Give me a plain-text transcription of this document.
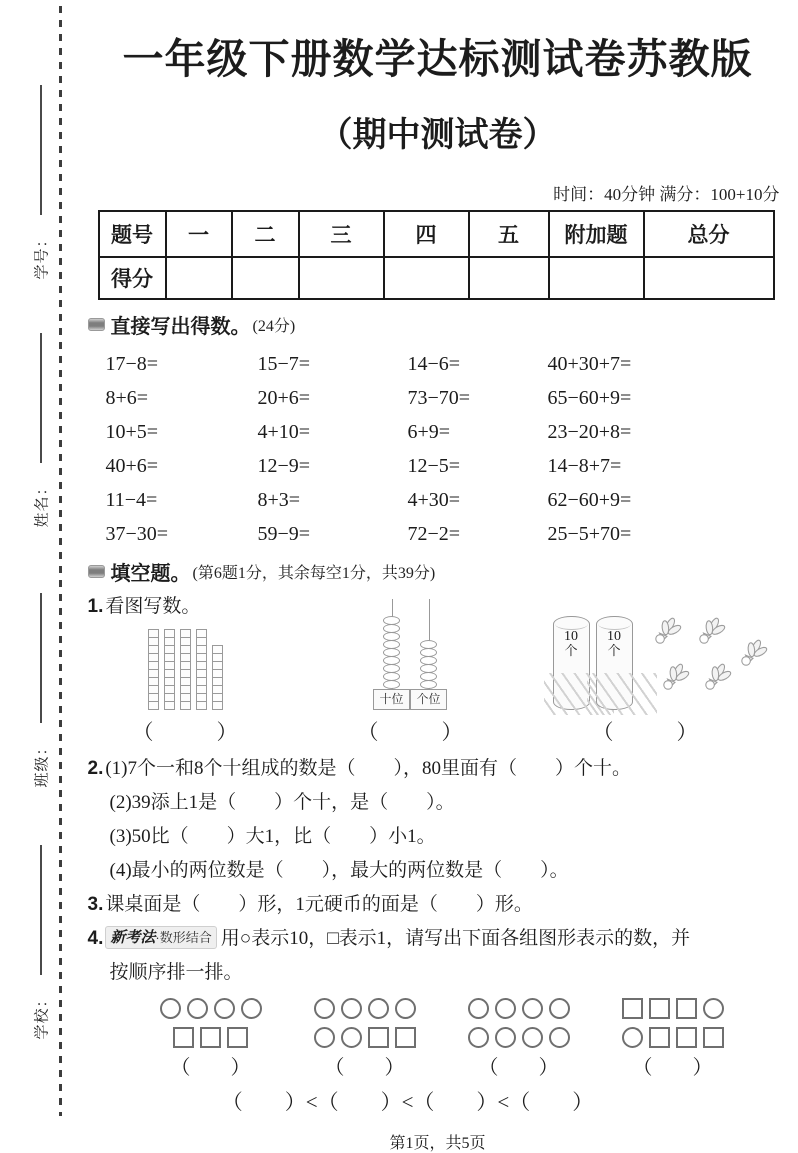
学号：
姓名：
班级：
学校：
一年级下册数学达标测试卷苏教版
（期中测试卷）
时间：40分钟 满分：100+10分
题号	一	二	三	四	五	附加题	总分
得分							
直接写出得数。 (24分)
17−8=	15−7=	14−6=	40+30+7=
8+6=	20+6=	73−70=	65−60+9=
10+5=	4+10=	6+9=	23−20+8=
40+6=	12−9=	12−5=	14−8+7=
11−4=	8+3=	4+30=	62−60+9=
37−30=	59−9=	72−2=	25−5+70=
填空题。 (第6题1分，其余每空1分，共39分)
1. 看图写数。
（　　　）
十位	个位
（　　　）
10
个
10
个
（　　　）
2. (1)7个一和8个十组成的数是（　　），80里面有（　　）个十。
(2)39添上1是（　　）个十，是（　　）。
(3)50比（　　）大1，比（　　）小1。
(4)最小的两位数是（　　），最大的两位数是（　　）。
3. 课桌面是（　　）形，1元硬币的面是（　　）形。
4. 新考法·数形结合 用○表示10，□表示1，请写出下面各组图形表示的数，并
按顺序排一排。
（　　）	（　　）	（　　）	（　　）
（　　）<（　　）<（　　）<（　　）
第1页，共5页
